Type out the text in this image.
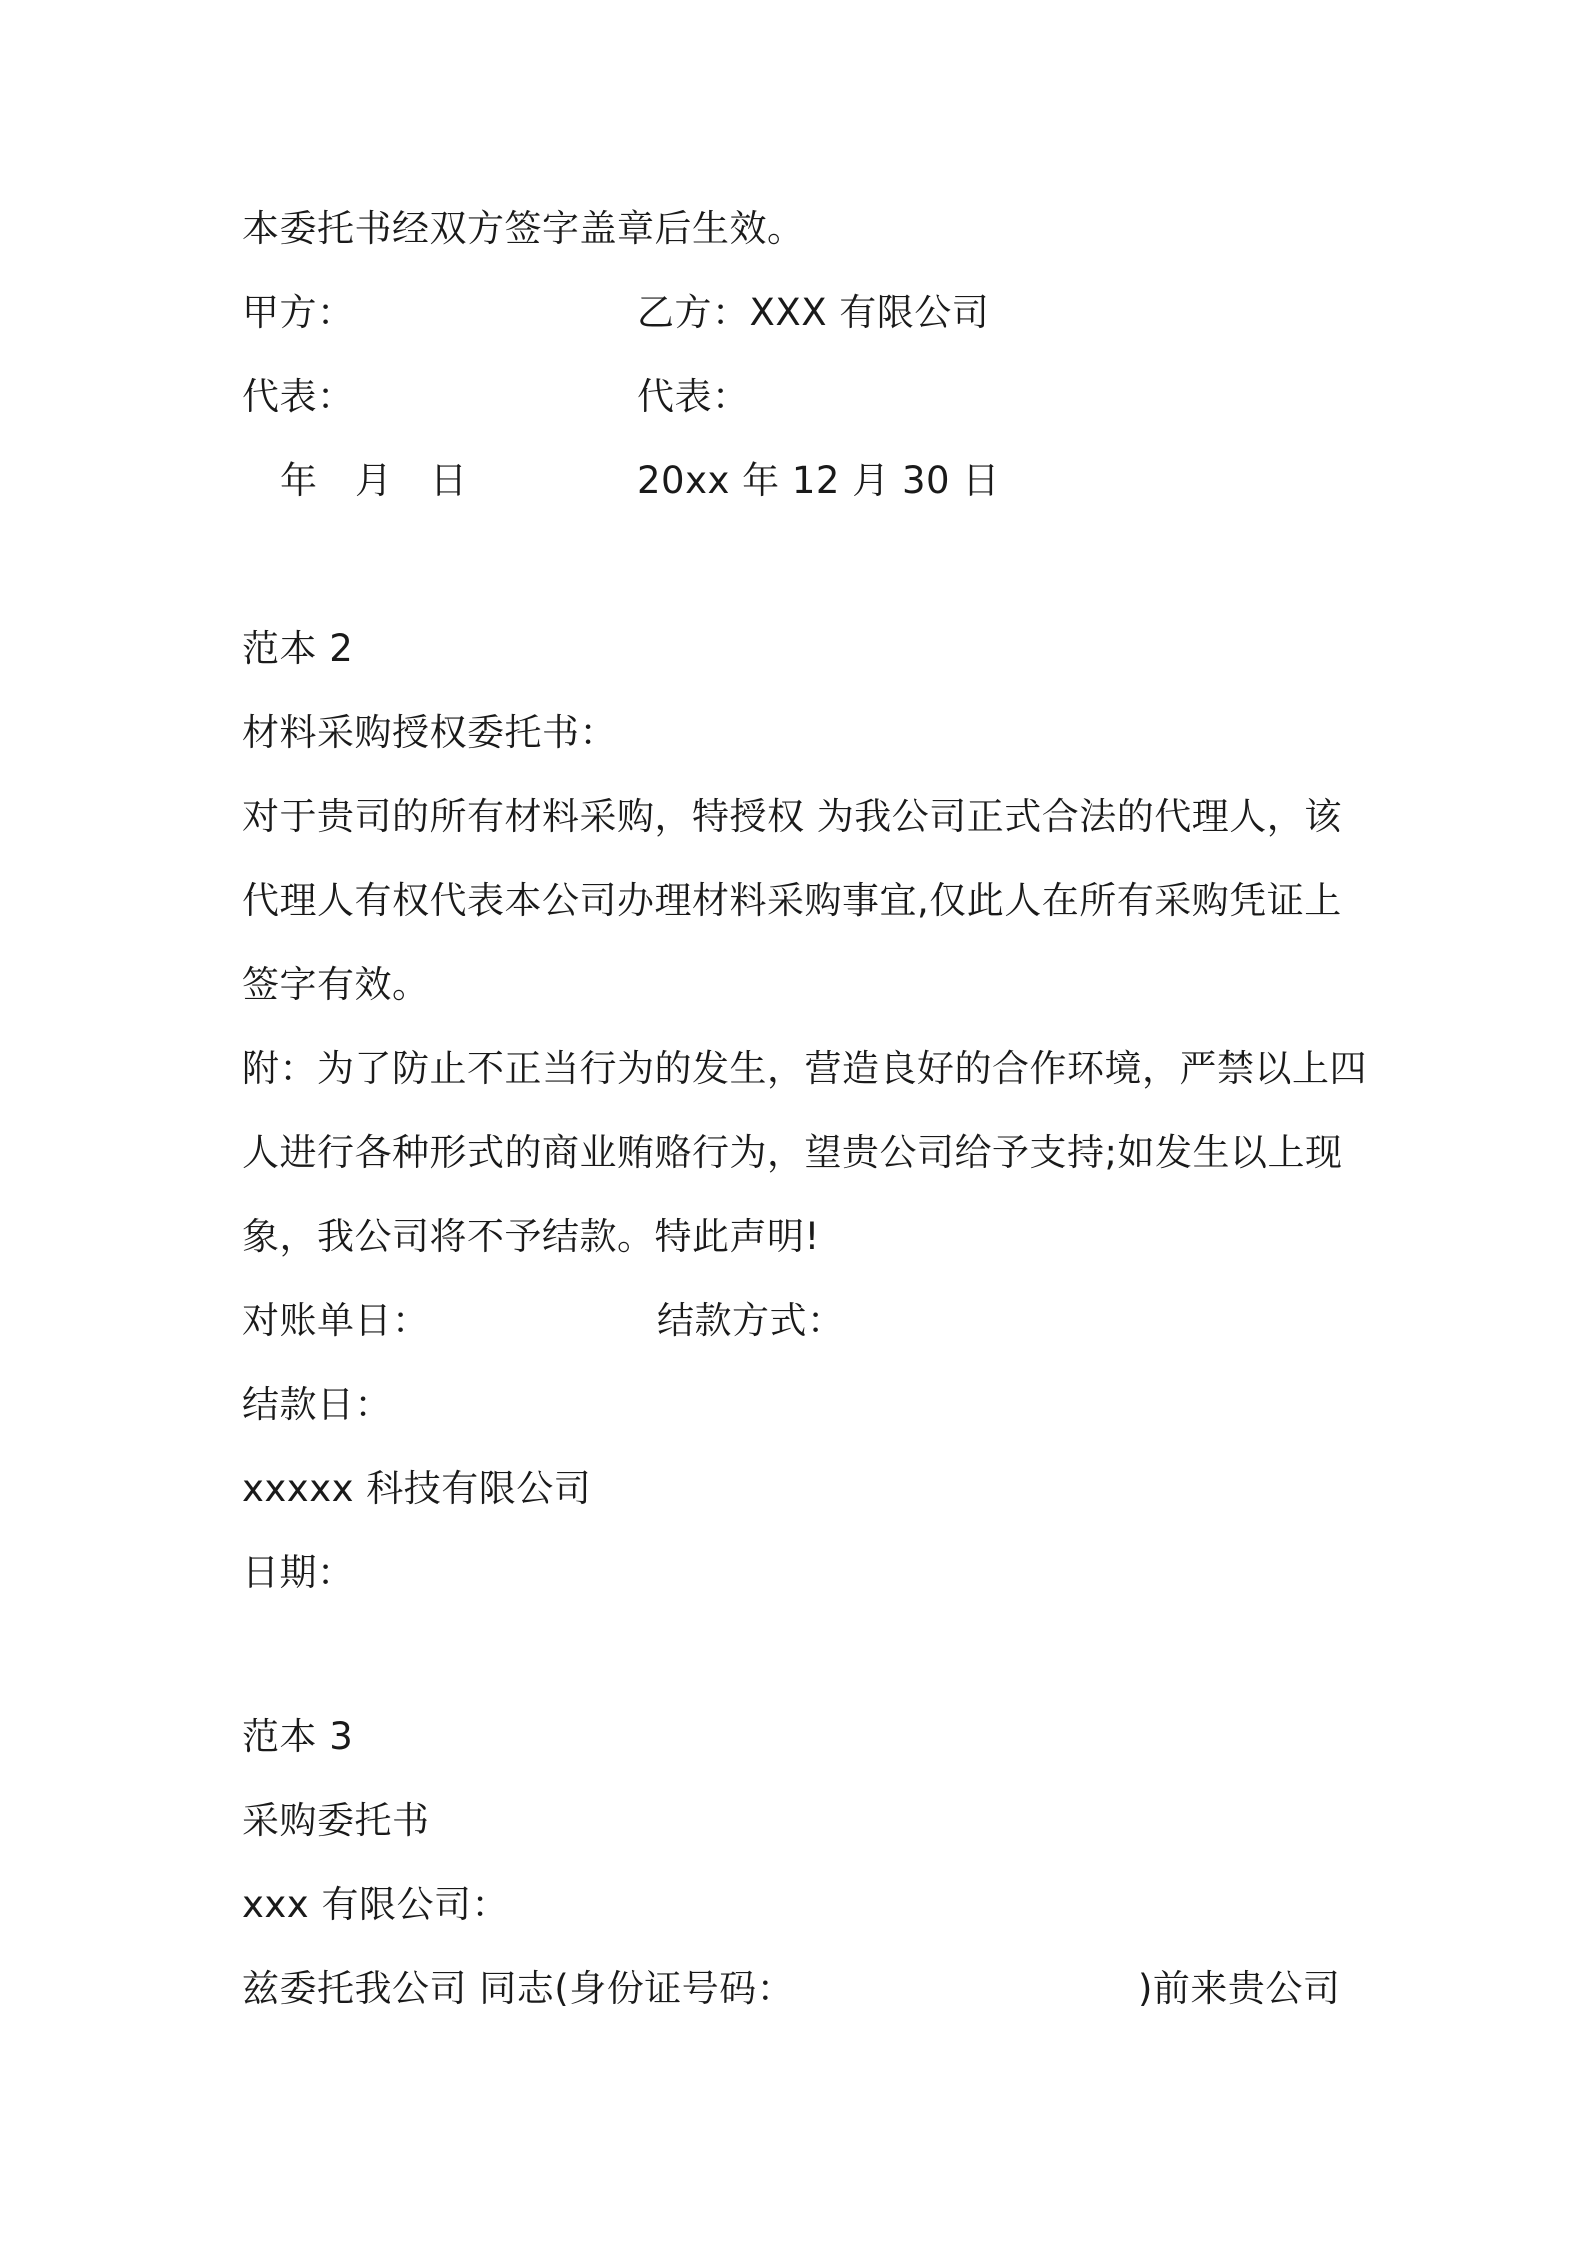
本委托书经双方签字盖章后生效。
甲方：	乙方：XXX 有限公司
代表：	代表：
年　月　日	20xx 年 12 月 30 日
范本 2
材料采购授权委托书：
对于贵司的所有材料采购，特授权 为我公司正式合法的代理人，该
代理人有权代表本公司办理材料采购事宜,仅此人在所有采购凭证上
签字有效。
附：为了防止不正当行为的发生，营造良好的合作环境，严禁以上四
人进行各种形式的商业贿赂行为，望贵公司给予支持;如发生以上现
象，我公司将不予结款。特此声明!
对账单日：	结款方式：
结款日：
xxxxx 科技有限公司
日期：
范本 3
采购委托书
xxx 有限公司：
兹委托我公司 同志(身份证号码：	)前来贵公司
